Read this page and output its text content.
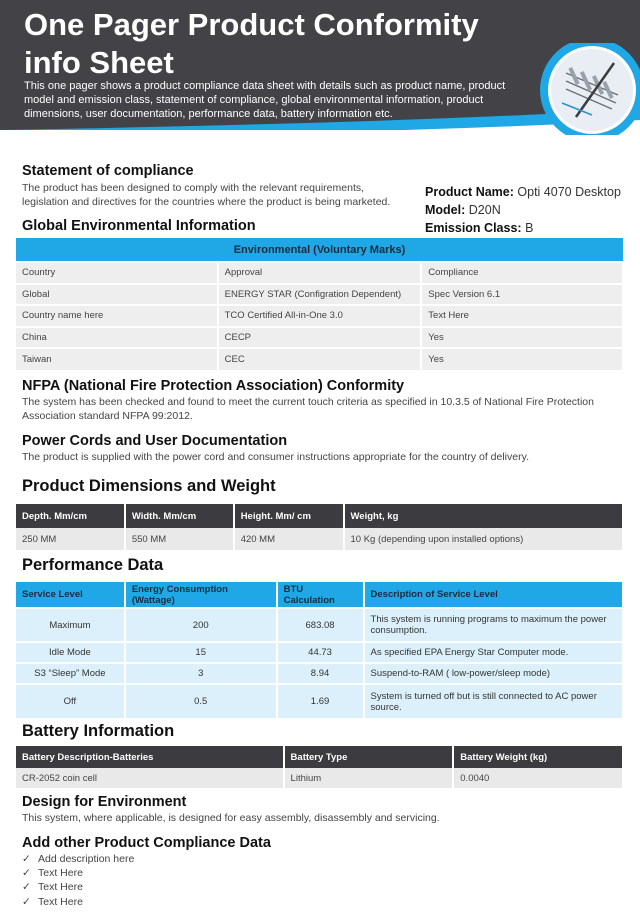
One Pager Product Conformity info Sheet
This one pager shows a product compliance data sheet with details such as product name, product model and emission class, statement of compliance, global environmental information, product dimensions, user documentation, performance data, battery information etc.
Statement of compliance
The product has been designed to comply with the relevant requirements, legislation and directives for the countries where the product is being marketed.
Product Name: Opti 4070 Desktop
Model: D20N
Emission Class: B
Global Environmental Information
Environmental (Voluntary Marks)		
Country	Approval	Compliance
Global	ENERGY STAR (Configration Dependent)	Spec Version 6.1
Country name here	TCO Certified All-in-One 3.0	Text Here
China	CECP	Yes
Taiwan	CEC	Yes
NFPA (National Fire Protection Association) Conformity
The system has been checked and found to meet the current touch criteria as specified in 10.3.5 of National Fire Protection Association standard NFPA 99:2012.
Power Cords and User Documentation
The product is supplied with the power cord and consumer instructions appropriate for the country of delivery.
Product Dimensions and Weight
Depth. Mm/cm	Width. Mm/cm	Height. Mm/ cm	Weight, kg
250 MM	550 MM	420 MM	10 Kg (depending upon installed options)
Performance Data
Service Level	Energy Consumption (Wattage)	BTU Calculation	Description of Service Level
Maximum	200	683.08	This system is running programs to maximum the power consumption.
Idle Mode	15	44.73	As specified EPA Energy Star Computer mode.
S3 “Sleep” Mode	3	8.94	Suspend-to-RAM ( low-power/sleep mode)
Off	0.5	1.69	System is turned off but is still connected to AC power source.
Battery Information
Battery Description-Batteries	Battery Type	Battery Weight (kg)
CR-2052 coin cell	Lithium	0.0040
Design for Environment
This system, where applicable, is designed for easy assembly, disassembly and servicing.
Add other Product Compliance Data
✓ Add description here
✓ Text Here
✓ Text Here
✓ Text Here
